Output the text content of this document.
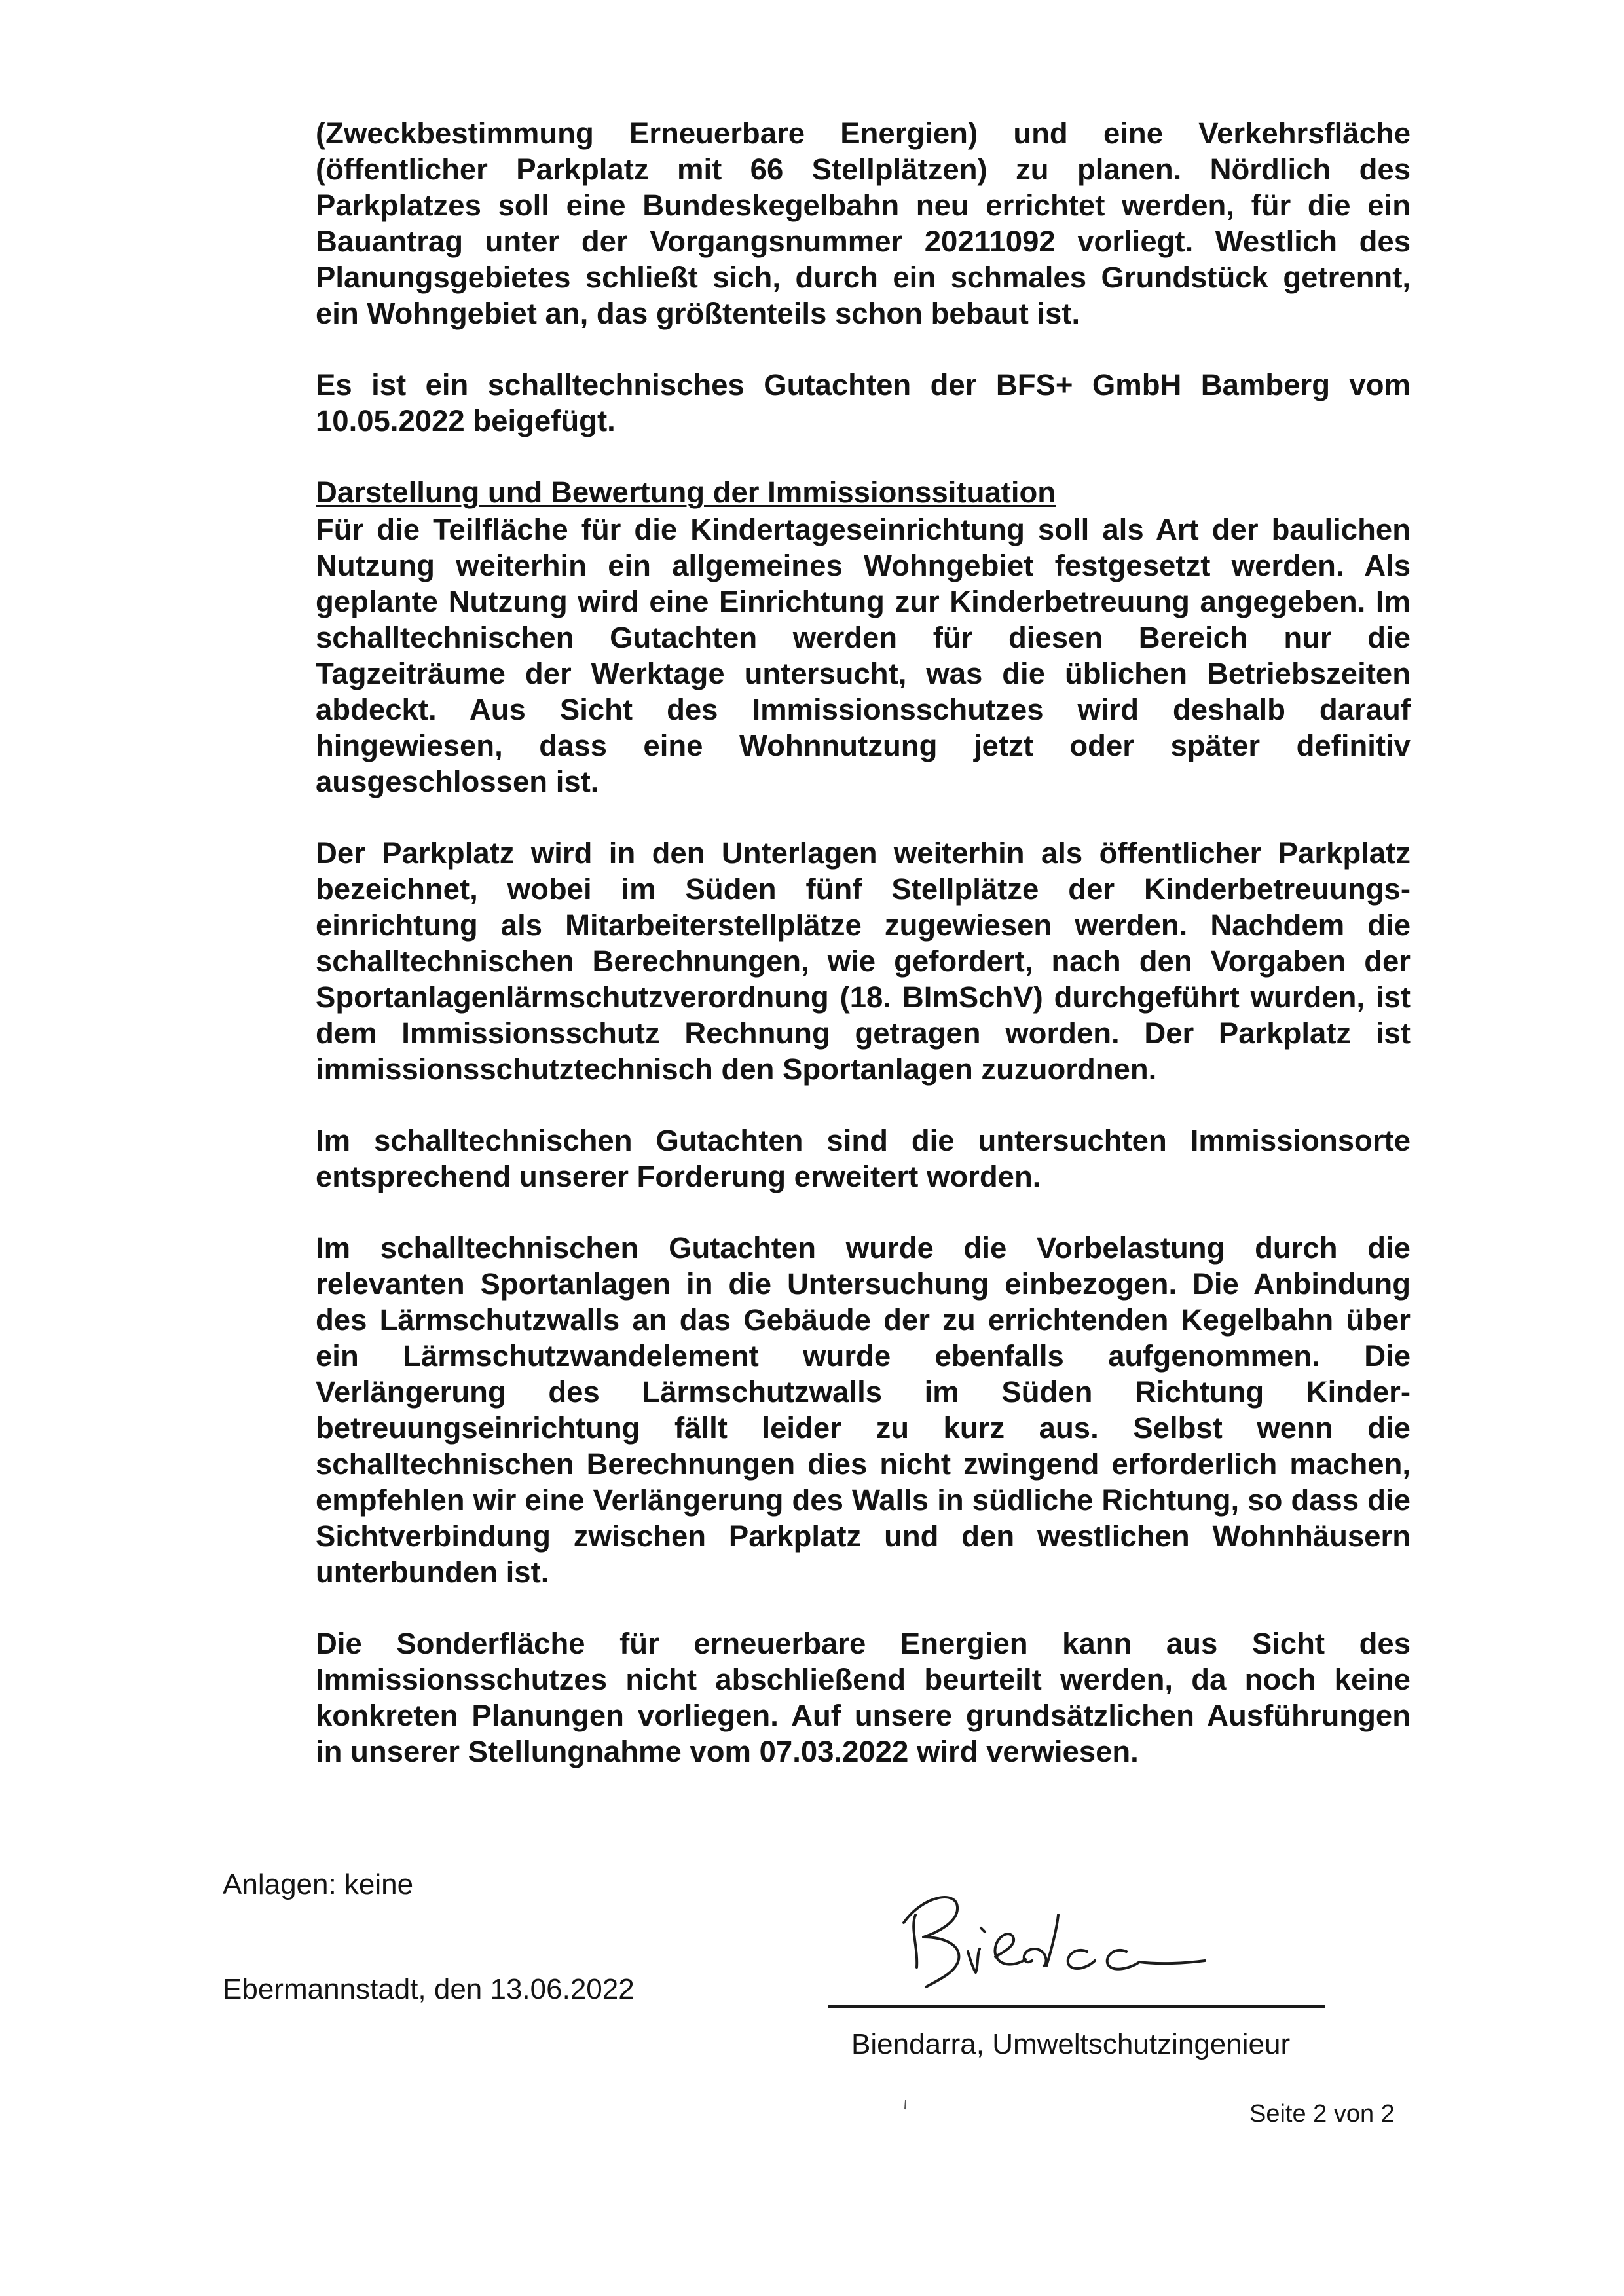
(Zweckbestimmung Erneuerbare Energien) und eine Verkehrsfläche (öffentlicher Parkplatz mit 66 Stellplätzen) zu planen. Nördlich des Parkplatzes soll eine Bundeskegelbahn neu errichtet werden, für die ein Bauantrag unter der Vorgangsnummer 20211092 vorliegt. Westlich des Planungsgebietes schließt sich, durch ein schmales Grundstück getrennt, ein Wohngebiet an, das größtenteils schon bebaut ist.

Es ist ein schalltechnisches Gutachten der BFS+ GmbH Bamberg vom 10.05.2022 beigefügt.

Darstellung und Bewertung der Immissionssituation

Für die Teilfläche für die Kindertageseinrichtung soll als Art der baulichen Nutzung weiterhin ein allgemeines Wohngebiet festgesetzt werden. Als geplante Nutzung wird eine Einrichtung zur Kinderbetreuung angegeben. Im schalltechnischen Gutachten werden für diesen Bereich nur die Tagzeiträume der Werktage untersucht, was die üblichen Betriebszeiten abdeckt. Aus Sicht des Immissionsschutzes wird deshalb darauf hingewiesen, dass eine Wohnnutzung jetzt oder später definitiv ausgeschlossen ist.

Der Parkplatz wird in den Unterlagen weiterhin als öffentlicher Parkplatz bezeichnet, wobei im Süden fünf Stellplätze der Kinderbetreuungseinrichtung als Mitarbeiterstellplätze zugewiesen werden. Nachdem die schalltechnischen Berechnungen, wie gefordert, nach den Vorgaben der Sportanlagenlärmschutzverordnung (18. BImSchV) durchgeführt wurden, ist dem Immissionsschutz Rechnung getragen worden. Der Parkplatz ist immissionsschutztechnisch den Sportanlagen zuzuordnen.

Im schalltechnischen Gutachten sind die untersuchten Immissionsorte entsprechend unserer Forderung erweitert worden.

Im schalltechnischen Gutachten wurde die Vorbelastung durch die relevanten Sportanlagen in die Untersuchung einbezogen. Die Anbindung des Lärmschutzwalls an das Gebäude der zu errichtenden Kegelbahn über ein Lärmschutzwandelement wurde ebenfalls aufgenommen. Die Verlängerung des Lärmschutzwalls im Süden Richtung Kinderbetreuungseinrichtung fällt leider zu kurz aus. Selbst wenn die schalltechnischen Berechnungen dies nicht zwingend erforderlich machen, empfehlen wir eine Verlängerung des Walls in südliche Richtung, so dass die Sichtverbindung zwischen Parkplatz und den westlichen Wohnhäusern unterbunden ist.

Die Sonderfläche für erneuerbare Energien kann aus Sicht des Immissionsschutzes nicht abschließend beurteilt werden, da noch keine konkreten Planungen vorliegen. Auf unsere grundsätzlichen Ausführungen in unserer Stellungnahme vom 07.03.2022 wird verwiesen.

Anlagen: keine
Ebermannstadt, den 13.06.2022
Biendarra, Umweltschutzingenieur
Seite 2 von 2
